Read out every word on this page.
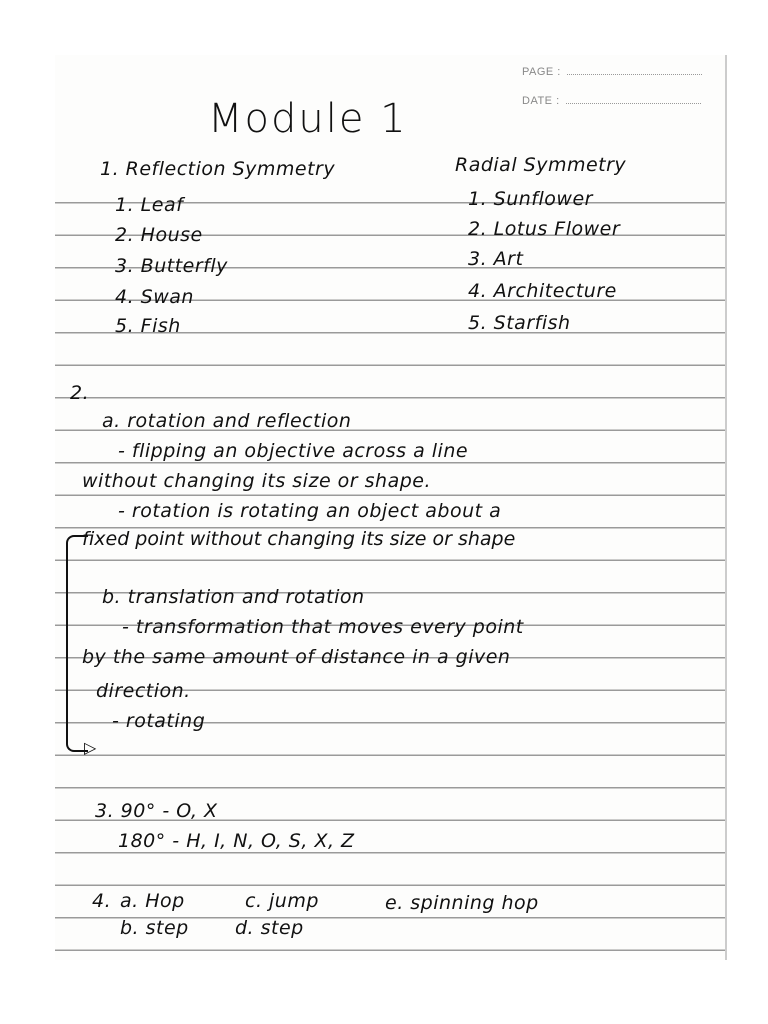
PAGE :
DATE :
Module 1
1. Reflection Symmetry
1. Leaf
2. House
3. Butterfly
4. Swan
5. Fish
Radial Symmetry
1. Sunflower
2. Lotus Flower
3. Art
4. Architecture
5. Starfish
2.
a. rotation and reflection
- flipping an objective across a line
without changing its size or shape.
- rotation is rotating an object about a
fixed point without changing its size or shape
b. translation and rotation
- transformation that moves every point
by the same amount of distance in a given
direction.
- rotating
▷
3. 90° - O, X
180° - H, I, N, O, S, X, Z
4. a. Hop
b. step
c. jump
d. step
e. spinning hop
